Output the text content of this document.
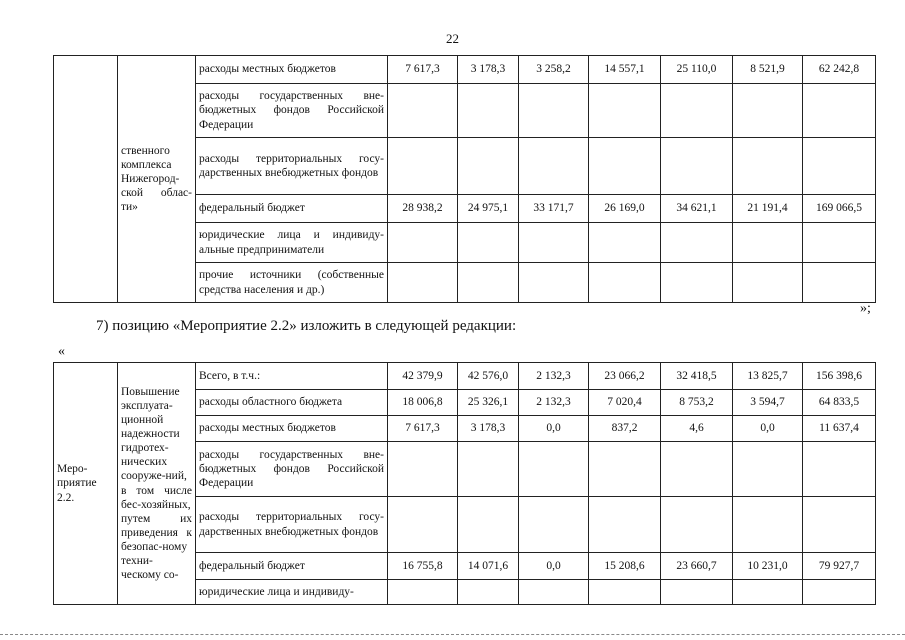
22
	ственного комплекса Нижегород-ской облас-ти»	расходы местных бюджетов	7 617,3	3 178,3	3 258,2	14 557,1	25 110,0	8 521,9	62 242,8
		расходы государственных вне-бюджетных фондов Российской Федерации							
		расходы территориальных госу-дарственных внебюджетных фондов							
		федеральный бюджет	28 938,2	24 975,1	33 171,7	26 169,0	34 621,1	21 191,4	169 066,5
		юридические лица и индивиду-альные предприниматели							
		прочие источники (собственные средства населения и др.)							
»;
7) позицию «Мероприятие 2.2» изложить в следующей редакции:
«
Меро-приятие 2.2.	Повышение эксплуата-ционной надежности гидротех-нических сооруже-ний, в том числе бес-хозяйных, путем их приведения к безопас-ному техни-ческому со-	Всего, в т.ч.:	42 379,9	42 576,0	2 132,3	23 066,2	32 418,5	13 825,7	156 398,6
		расходы областного бюджета	18 006,8	25 326,1	2 132,3	7 020,4	8 753,2	3 594,7	64 833,5
		расходы местных бюджетов	7 617,3	3 178,3	0,0	837,2	4,6	0,0	11 637,4
		расходы государственных вне-бюджетных фондов Российской Федерации							
		расходы территориальных госу-дарственных внебюджетных фондов							
		федеральный бюджет	16 755,8	14 071,6	0,0	15 208,6	23 660,7	10 231,0	79 927,7
		юридические лица и индивиду-							
